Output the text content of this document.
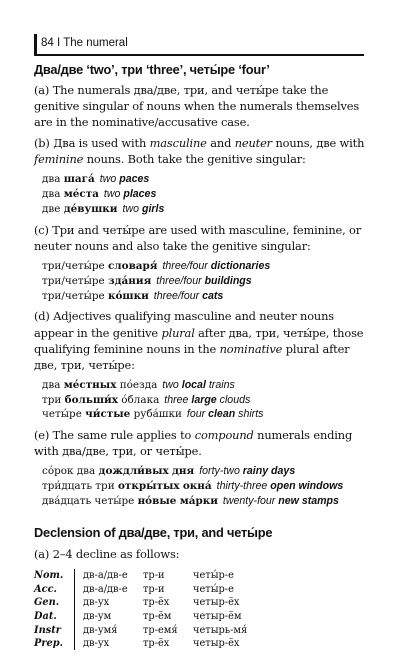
84 I The numeral
Два/две ‘two’, три ‘three’, четы́ре ‘four’

(a) The numerals два/две, три, and четы́ре take the genitive singular of nouns when the numerals themselves are in the nominative/accusative case.

(b) Два is used with masculine and neuter nouns, две with feminine nouns. Both take the genitive singular:

два шага́ two paces
два ме́ста two places
две де́вушки two girls

(c) Три and четы́ре are used with masculine, feminine, or neuter nouns and also take the genitive singular:

три/четы́ре словаря́ three/four dictionaries
три/четы́ре зда́ния three/four buildings
три/четы́ре ко́шки three/four cats

(d) Adjectives qualifying masculine and neuter nouns appear in the genitive plural after два, три, четы́ре, those qualifying feminine nouns in the nominative plural after две, три, четы́ре:

два ме́стных по́езда two local trains
три больши́х о́блака three large clouds
четы́ре чи́стые руба́шки four clean shirts

(e) The same rule applies to compound numerals ending with два/две, три, or четы́ре.

со́рок два дождли́вых дня forty-two rainy days
три́дцать три откры́тых окна́ thirty-three open windows
два́дцать четы́ре но́вые ма́рки twenty-four new stamps
Declension of два/две, три, and четы́ре

(a) 2–4 decline as follows:

Nom.		дв-а/дв-е	тр-и	четы́р-е
Acc.		дв-а/дв-е	тр-и	четы́р-е
Gen.		дв-ух	тр-ёх	четыр-ёх
Dat.		дв-ум	тр-ём	четыр-ём
Instr		дв-умя́	тр-емя́	четырь-мя́
Prep.		дв-ух	тр-ёх	четыр-ёх
